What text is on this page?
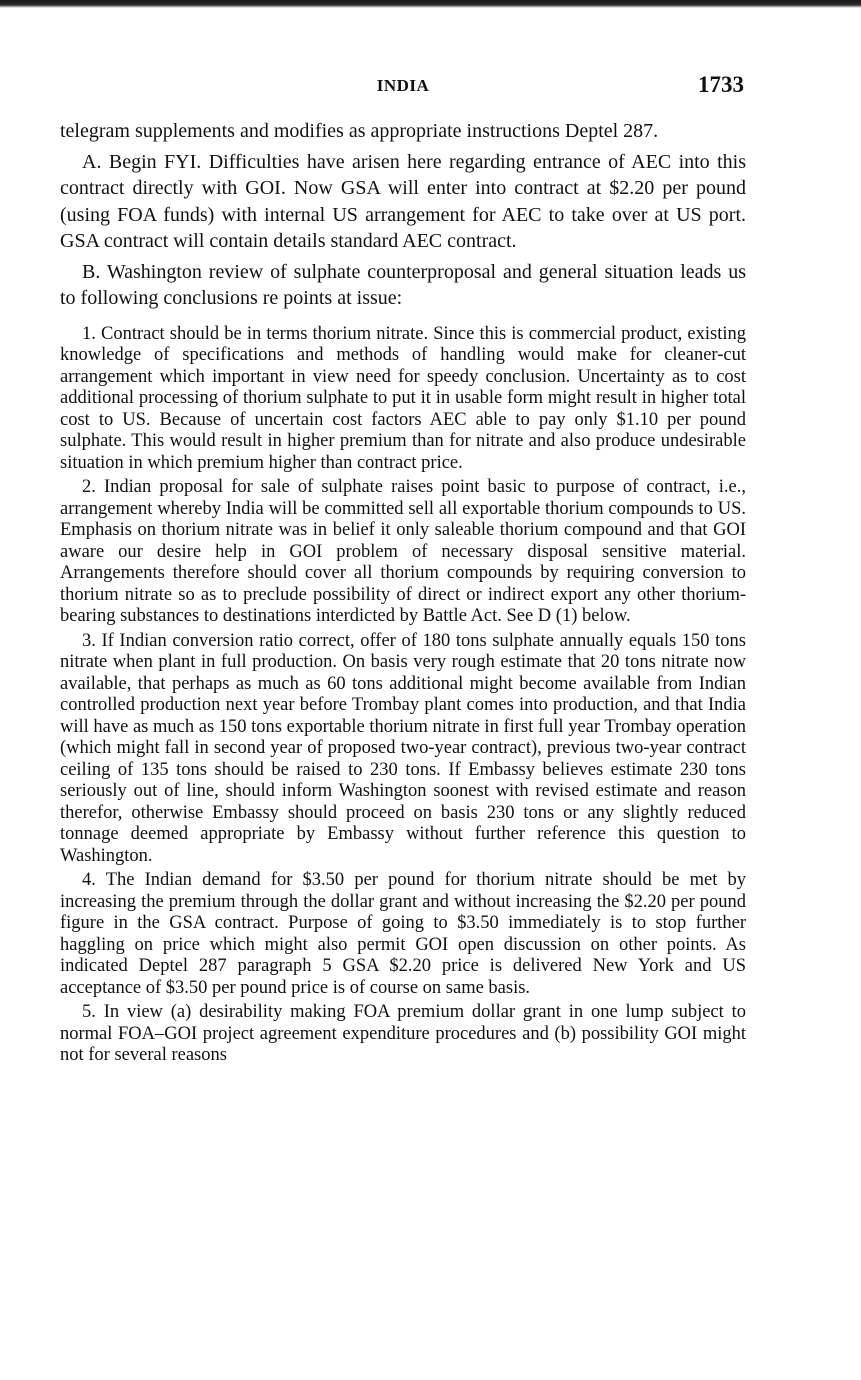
INDIA	1733

telegram supplements and modifies as appropriate instructions Deptel 287.

A. Begin FYI. Difficulties have arisen here regarding entrance of AEC into this contract directly with GOI. Now GSA will enter into contract at $2.20 per pound (using FOA funds) with internal US arrangement for AEC to take over at US port. GSA contract will contain details standard AEC contract.

B. Washington review of sulphate counterproposal and general situation leads us to following conclusions re points at issue:

1. Contract should be in terms thorium nitrate. Since this is commercial product, existing knowledge of specifications and methods of handling would make for cleaner-cut arrangement which important in view need for speedy conclusion. Uncertainty as to cost additional processing of thorium sulphate to put it in usable form might result in higher total cost to US. Because of uncertain cost factors AEC able to pay only $1.10 per pound sulphate. This would result in higher premium than for nitrate and also produce undesirable situation in which premium higher than contract price.

2. Indian proposal for sale of sulphate raises point basic to purpose of contract, i.e., arrangement whereby India will be committed sell all exportable thorium compounds to US. Emphasis on thorium nitrate was in belief it only saleable thorium compound and that GOI aware our desire help in GOI problem of necessary disposal sensitive material. Arrangements therefore should cover all thorium compounds by requiring conversion to thorium nitrate so as to preclude possibility of direct or indirect export any other thorium-bearing substances to destinations interdicted by Battle Act. See D (1) below.

3. If Indian conversion ratio correct, offer of 180 tons sulphate annually equals 150 tons nitrate when plant in full production. On basis very rough estimate that 20 tons nitrate now available, that perhaps as much as 60 tons additional might become available from Indian controlled production next year before Trombay plant comes into production, and that India will have as much as 150 tons exportable thorium nitrate in first full year Trombay operation (which might fall in second year of proposed two-year contract), previous two-year contract ceiling of 135 tons should be raised to 230 tons. If Embassy believes estimate 230 tons seriously out of line, should inform Washington soonest with revised estimate and reason therefor, otherwise Embassy should proceed on basis 230 tons or any slightly reduced tonnage deemed appropriate by Embassy without further reference this question to Washington.

4. The Indian demand for $3.50 per pound for thorium nitrate should be met by increasing the premium through the dollar grant and without increasing the $2.20 per pound figure in the GSA contract. Purpose of going to $3.50 immediately is to stop further haggling on price which might also permit GOI open discussion on other points. As indicated Deptel 287 paragraph 5 GSA $2.20 price is delivered New York and US acceptance of $3.50 per pound price is of course on same basis.

5. In view (a) desirability making FOA premium dollar grant in one lump subject to normal FOA–GOI project agreement expenditure procedures and (b) possibility GOI might not for several reasons
